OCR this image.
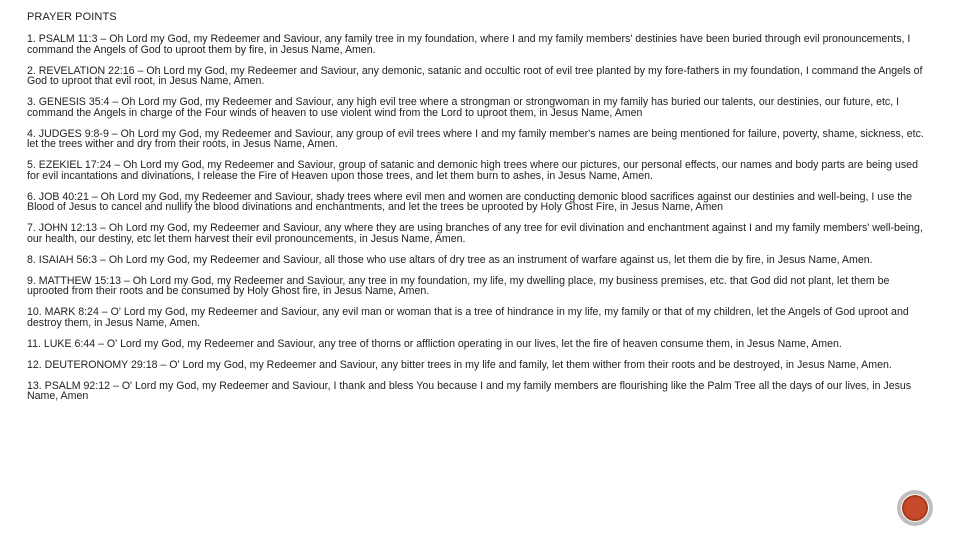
PRAYER POINTS
1. PSALM 11:3 – Oh Lord my God, my Redeemer and Saviour, any family tree in my foundation, where I and my family members' destinies have been buried through evil pronouncements, I command the Angels of God to uproot them by fire, in Jesus Name, Amen.
2. REVELATION 22:16 – Oh Lord my God, my Redeemer and Saviour, any demonic, satanic and occultic root of evil tree planted by my fore-fathers in my foundation, I command the Angels of God to uproot that evil root, in Jesus Name, Amen.
3. GENESIS 35:4 – Oh Lord my God, my Redeemer and Saviour, any high evil tree where a strongman or strongwoman in my family has buried our talents, our destinies, our future, etc, I command the Angels in charge of the Four winds of heaven to use violent wind from the Lord to uproot them, in Jesus Name, Amen
4. JUDGES 9:8-9 – Oh Lord my God, my Redeemer and Saviour, any group of evil trees where I and my family member's names are being mentioned for failure, poverty, shame, sickness, etc. let the trees wither and dry from their roots, in Jesus Name, Amen.
5. EZEKIEL 17:24 – Oh Lord my God, my Redeemer and Saviour, group of satanic and demonic high trees where our pictures, our personal effects, our names and body parts are being used for evil incantations and divinations, I release the Fire of Heaven upon those trees, and let them burn to ashes, in Jesus Name, Amen.
6. JOB 40:21 – Oh Lord my God, my Redeemer and Saviour, shady trees where evil men and women are conducting demonic blood sacrifices against our destinies and well-being, I use the Blood of Jesus to cancel and nullify the blood divinations and enchantments, and let the trees be uprooted by Holy Ghost Fire, in Jesus Name, Amen
7. JOHN 12:13 – Oh Lord my God, my Redeemer and Saviour, any where they are using branches of any tree for evil divination and enchantment against I and my family members' well-being, our health, our destiny, etc let them harvest their evil pronouncements, in Jesus Name, Amen.
8. ISAIAH 56:3 – Oh Lord my God, my Redeemer and Saviour, all those who use altars of dry tree as an instrument of warfare against us, let them die by fire, in Jesus Name, Amen.
9. MATTHEW 15:13 – Oh Lord my God, my Redeemer and Saviour, any tree in my foundation, my life, my dwelling place, my business premises, etc. that God did not plant, let them be uprooted from their roots and be consumed by Holy Ghost fire, in Jesus Name, Amen.
10. MARK 8:24 – O' Lord my God, my Redeemer and Saviour, any evil man or woman that is a tree of hindrance in my life, my family or that of my children, let the Angels of God uproot and destroy them, in Jesus Name, Amen.
11. LUKE 6:44 – O' Lord my God, my Redeemer and Saviour, any tree of thorns or affliction operating in our lives, let the fire of heaven consume them, in Jesus Name, Amen.
12. DEUTERONOMY 29:18 – O' Lord my God, my Redeemer and Saviour, any bitter trees in my life and family, let them wither from their roots and be destroyed, in Jesus Name, Amen.
13. PSALM 92:12 – O' Lord my God, my Redeemer and Saviour, I thank and bless You because I and my family members are flourishing like the Palm Tree all the days of our lives, in Jesus Name, Amen
